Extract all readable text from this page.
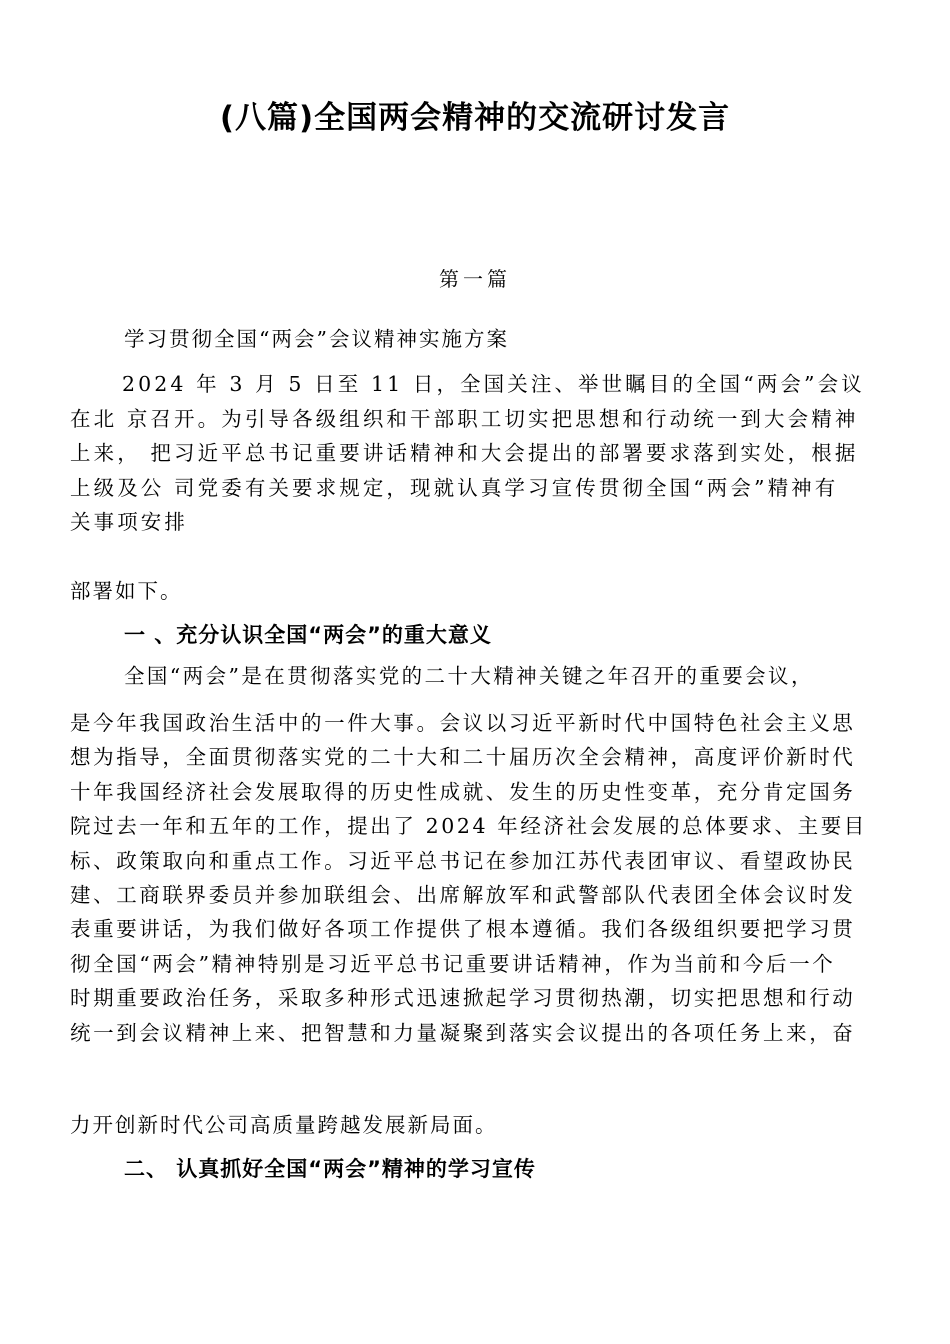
(八篇)全国两会精神的交流研讨发言
第一篇
学习贯彻全国“两会”会议精神实施方案
2024 年 3 月 5 日至 11 日，全国关注、举世瞩目的全国“两会”会议
在北 京召开。为引导各级组织和干部职工切实把思想和行动统一到大会精神
上来， 把习近平总书记重要讲话精神和大会提出的部署要求落到实处，根据
上级及公 司党委有关要求规定，现就认真学习宣传贯彻全国“两会”精神有
关事项安排
部署如下。
一 、充分认识全国“两会”的重大意义
全国“两会”是在贯彻落实党的二十大精神关键之年召开的重要会议，
是今年我国政治生活中的一件大事。会议以习近平新时代中国特色社会主义思
想为指导，全面贯彻落实党的二十大和二十届历次全会精神，高度评价新时代
十年我国经济社会发展取得的历史性成就、发生的历史性变革，充分肯定国务
院过去一年和五年的工作，提出了 2024 年经济社会发展的总体要求、主要目
标、政策取向和重点工作。习近平总书记在参加江苏代表团审议、看望政协民
建、工商联界委员并参加联组会、出席解放军和武警部队代表团全体会议时发
表重要讲话，为我们做好各项工作提供了根本遵循。我们各级组织要把学习贯
彻全国“两会”精神特别是习近平总书记重要讲话精神，作为当前和今后一个
时期重要政治任务，采取多种形式迅速掀起学习贯彻热潮，切实把思想和行动
统一到会议精神上来、把智慧和力量凝聚到落实会议提出的各项任务上来，奋
力开创新时代公司高质量跨越发展新局面。
二、 认真抓好全国“两会”精神的学习宣传
